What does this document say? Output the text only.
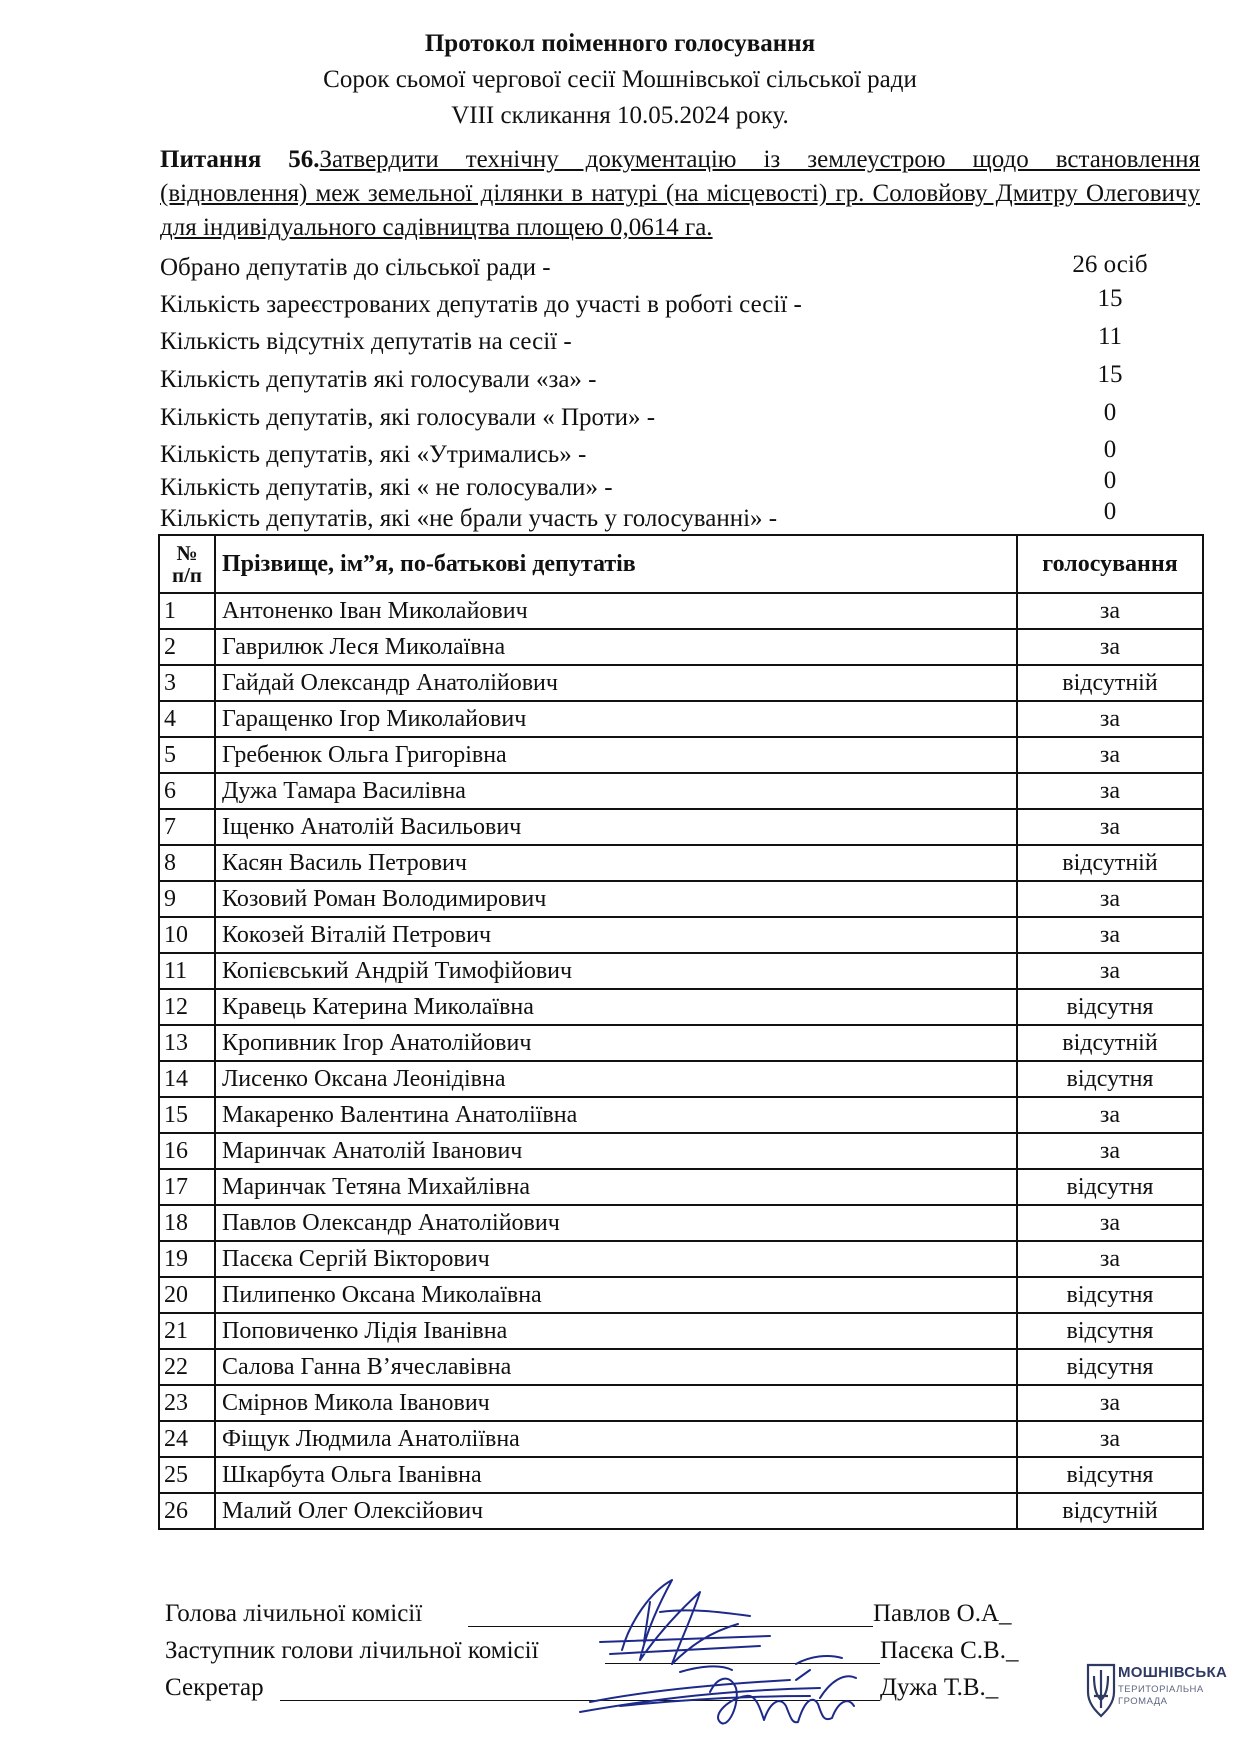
Протокол поіменного голосування
Сорок сьомої чергової сесії Мошнівської сільської ради
VIII скликання 10.05.2024 року.
Питання 56.Затвердити технічну документацію із землеустрою щодо встановлення (відновлення) меж земельної ділянки в натурі (на місцевості) гр. Соловйову Дмитру Олеговичу для індивідуального садівництва площею 0,0614 га.
Обрано депутатів до сільської ради -	26 осіб
Кількість зареєстрованих депутатів до участі в роботі сесії -	15
Кількість відсутніх депутатів на сесії -	11
Кількість депутатів які голосували «за» -	15
Кількість депутатів, які голосували « Проти» -	0
Кількість депутатів, які «Утримались» -	0
Кількість депутатів, які « не голосували» -	0
Кількість депутатів, які «не брали участь у голосуванні» -	0
№ п/п	Прізвище, ім”я, по-батькові депутатів	голосування
1	Антоненко Іван Миколайович	за
2	Гаврилюк Леся Миколаївна	за
3	Гайдай Олександр Анатолійович	відсутній
4	Гаращенко Ігор Миколайович	за
5	Гребенюк Ольга Григорівна	за
6	Дужа Тамара Василівна	за
7	Іщенко Анатолій Васильович	за
8	Касян Василь Петрович	відсутній
9	Козовий Роман Володимирович	за
10	Кокозей Віталій Петрович	за
11	Копієвський Андрій Тимофійович	за
12	Кравець Катерина Миколаївна	відсутня
13	Кропивник Ігор Анатолійович	відсутній
14	Лисенко Оксана Леонідівна	відсутня
15	Макаренко Валентина Анатоліївна	за
16	Маринчак Анатолій Іванович	за
17	Маринчак Тетяна Михайлівна	відсутня
18	Павлов Олександр Анатолійович	за
19	Пасєка Сергій Вікторович	за
20	Пилипенко Оксана Миколаївна	відсутня
21	Поповиченко Лідія Іванівна	відсутня
22	Салова Ганна В’ячеславівна	відсутня
23	Смірнов Микола Іванович	за
24	Фіщук Людмила Анатоліївна	за
25	Шкарбута Ольга Іванівна	відсутня
26	Малий Олег Олексійович	відсутній
Голова лічильної комісії	Павлов О.А_
Заступник голови лічильної комісії	Пасєка С.В._
Секретар	Дужа Т.В._
МОШНІВСЬКА
ТЕРИТОРІАЛЬНА
ГРОМАДА
